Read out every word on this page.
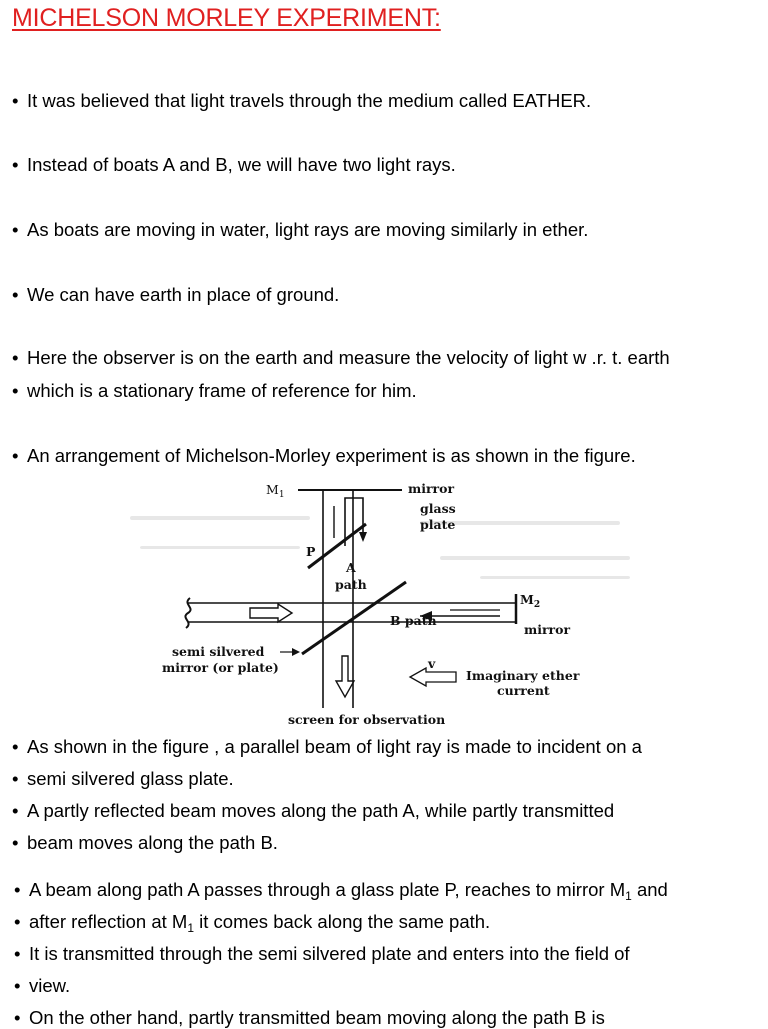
MICHELSON MORLEY EXPERIMENT:
• It was believed that light travels through the medium called EATHER.
• Instead of boats A and B, we will have two light rays.
• As boats are moving in water, light rays are moving similarly in ether.
• We can have earth in place of ground.
• Here the observer is on the earth and measure the velocity of light w .r. t. earth
• which is a stationary frame of reference for him.
• An arrangement of Michelson-Morley experiment is as shown in the figure.
$M_1$	mirror
glass
plate
P
A
path
$M_2$
B path
mirror
semi silvered
mirror (or plate)	v
Imaginary ether
current
screen for observation
• As shown in the figure , a parallel beam of light ray is made to incident on a
• semi silvered glass plate.
• A partly reflected beam moves along the path A, while partly transmitted
• beam moves along the path B.
• A beam along path A passes through a glass plate P, reaches to mirror $M_1$ and
• after reflection at $M_1$ it comes back along the same path.
• It is transmitted through the semi silvered plate and enters into the field of
• view.
• On the other hand, partly transmitted beam moving along the path B is
